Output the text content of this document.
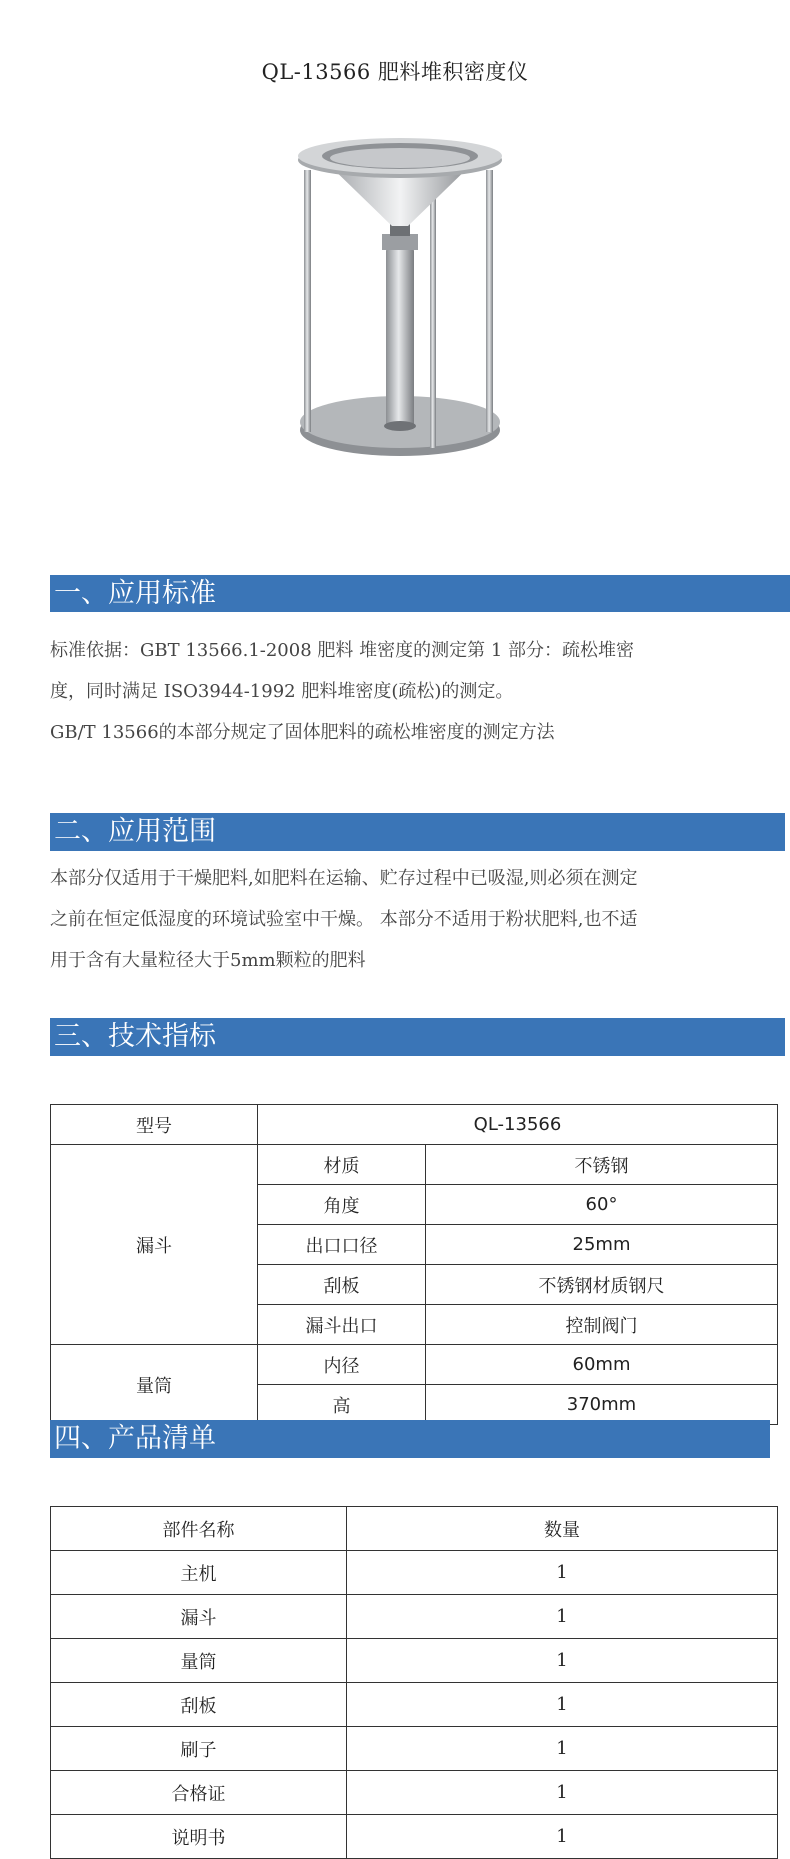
QL-13566 肥料堆积密度仪
一、应用标准
标准依据：GBT 13566.1-2008 肥料 堆密度的测定第 1 部分：疏松堆密
度，同时满足 ISO3944-1992 肥料堆密度(疏松)的测定。
GB/T 13566的本部分规定了固体肥料的疏松堆密度的测定方法
二、应用范围
本部分仅适用于干燥肥料,如肥料在运输、贮存过程中已吸湿,则必须在测定
之前在恒定低湿度的环境试验室中干燥。 本部分不适用于粉状肥料,也不适
用于含有大量粒径大于5mm颗粒的肥料
三、技术指标
型号	QL-13566	
漏斗	材质	不锈钢
	角度	60°
	出口口径	25mm
	刮板	不锈钢材质钢尺
	漏斗出口	控制阀门
量筒	内径	60mm
	高	370mm
四、产品清单
部件名称	数量
主机	1
漏斗	1
量筒	1
刮板	1
刷子	1
合格证	1
说明书	1
